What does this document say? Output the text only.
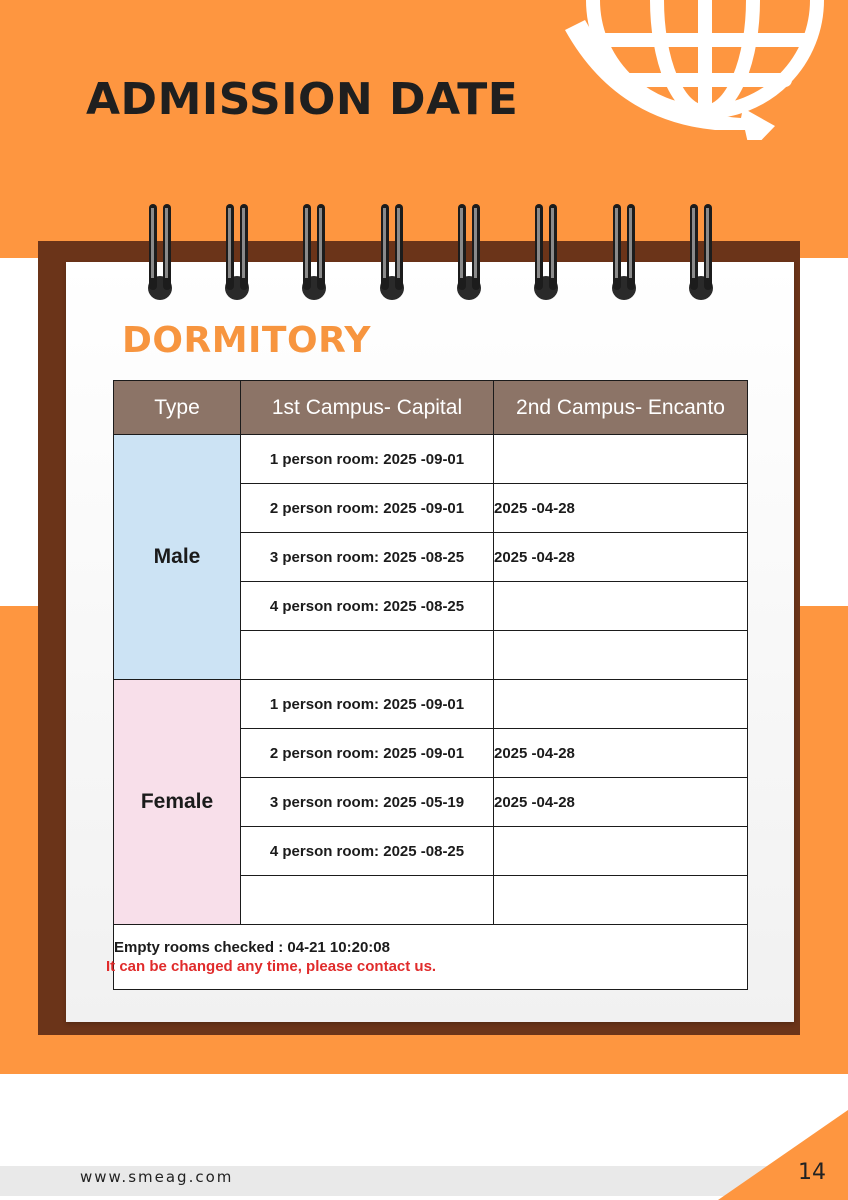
ADMISSION DATE
DORMITORY
Type	1st Campus- Capital	2nd Campus- Encanto
Male	1 person room: 2025 -09-01	
	2 person room: 2025 -09-01	2025 -04-28
	3 person room: 2025 -08-25	2025 -04-28
	4 person room: 2025 -08-25	

Female	1 person room: 2025 -09-01	
	2 person room: 2025 -09-01	2025 -04-28
	3 person room: 2025 -05-19	2025 -04-28
	4 person room: 2025 -08-25	

Empty rooms checked : 04-21 10:20:08
It can be changed any time, please contact us.		
www.smeag.com	14
